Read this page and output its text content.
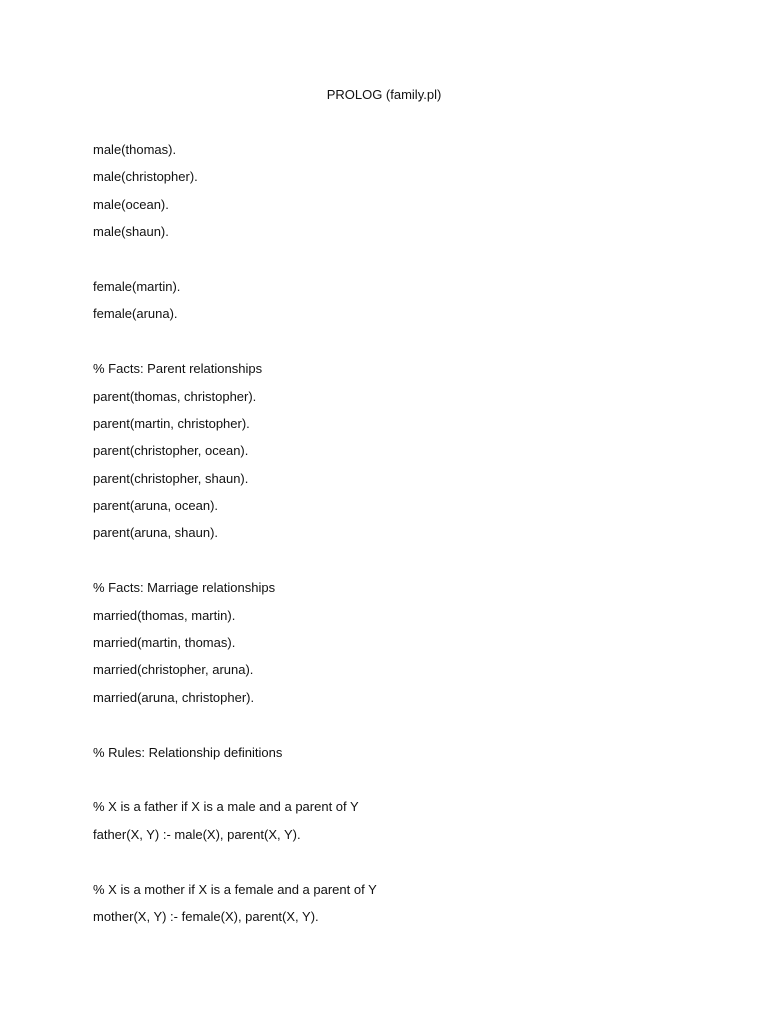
PROLOG (family.pl)
male(thomas).
male(christopher).
male(ocean).
male(shaun).
female(martin).
female(aruna).
% Facts: Parent relationships
parent(thomas, christopher).
parent(martin, christopher).
parent(christopher, ocean).
parent(christopher, shaun).
parent(aruna, ocean).
parent(aruna, shaun).
% Facts: Marriage relationships
married(thomas, martin).
married(martin, thomas).
married(christopher, aruna).
married(aruna, christopher).
% Rules: Relationship definitions
% X is a father if X is a male and a parent of Y
father(X, Y) :- male(X), parent(X, Y).
% X is a mother if X is a female and a parent of Y
mother(X, Y) :- female(X), parent(X, Y).
